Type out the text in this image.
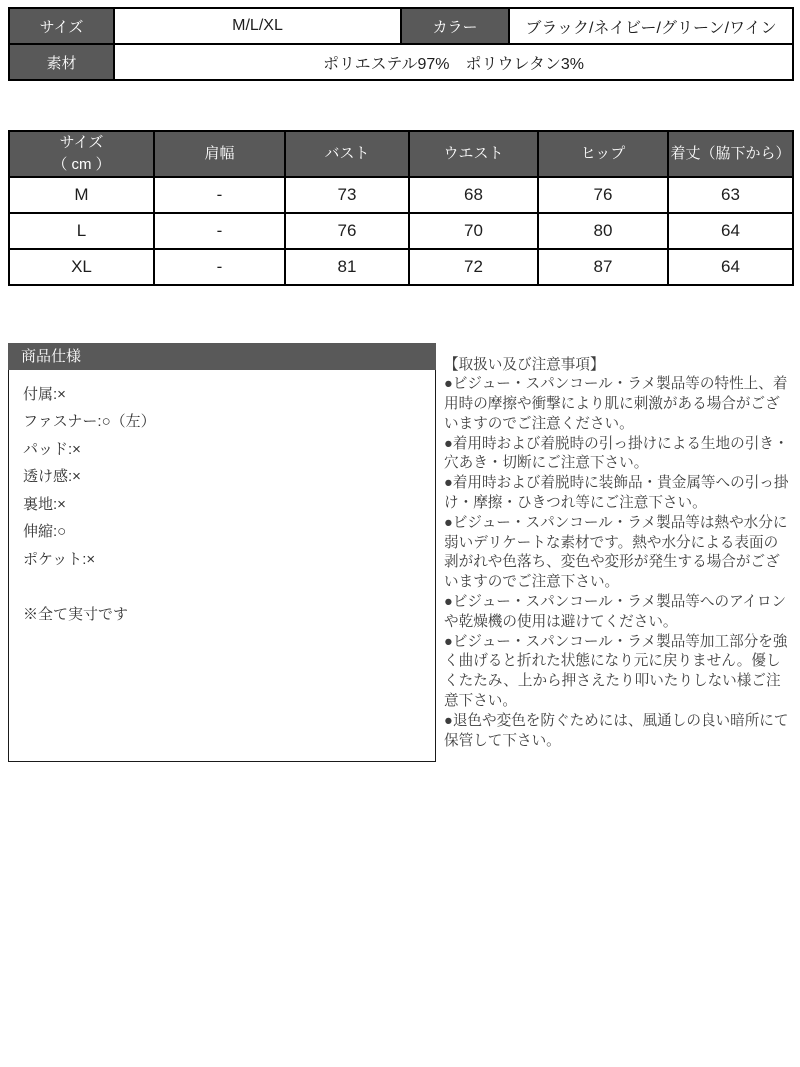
サイズ	M/L/XL	カラー	ブラック/ネイビー/グリーン/ワイン
素材	ポリエステル97%　ポリウレタン3%		
サイズ
（ cm ）	肩幅	バスト	ウエスト	ヒップ	着丈（脇下から）
M	-	73	68	76	63
L	-	76	70	80	64
XL	-	81	72	87	64
商品仕様
付属:×
ファスナー:○（左）
パッド:×
透け感:×
裏地:×
伸縮:○
ポケット:×
※全て実寸です
【取扱い及び注意事項】
●ビジュー・スパンコール・ラメ製品等の特性上、着用時の摩擦や衝撃により肌に刺激がある場合がございますのでご注意ください。
●着用時および着脱時の引っ掛けによる生地の引き・穴あき・切断にご注意下さい。
●着用時および着脱時に装飾品・貴金属等への引っ掛け・摩擦・ひきつれ等にご注意下さい。
●ビジュー・スパンコール・ラメ製品等は熱や水分に弱いデリケートな素材です。熱や水分による表面の剥がれや色落ち、変色や変形が発生する場合がございますのでご注意下さい。
●ビジュー・スパンコール・ラメ製品等へのアイロンや乾燥機の使用は避けてください。
●ビジュー・スパンコール・ラメ製品等加工部分を強く曲げると折れた状態になり元に戻りません。優しくたたみ、上から押さえたり叩いたりしない様ご注意下さい。
●退色や変色を防ぐためには、風通しの良い暗所にて保管して下さい。
